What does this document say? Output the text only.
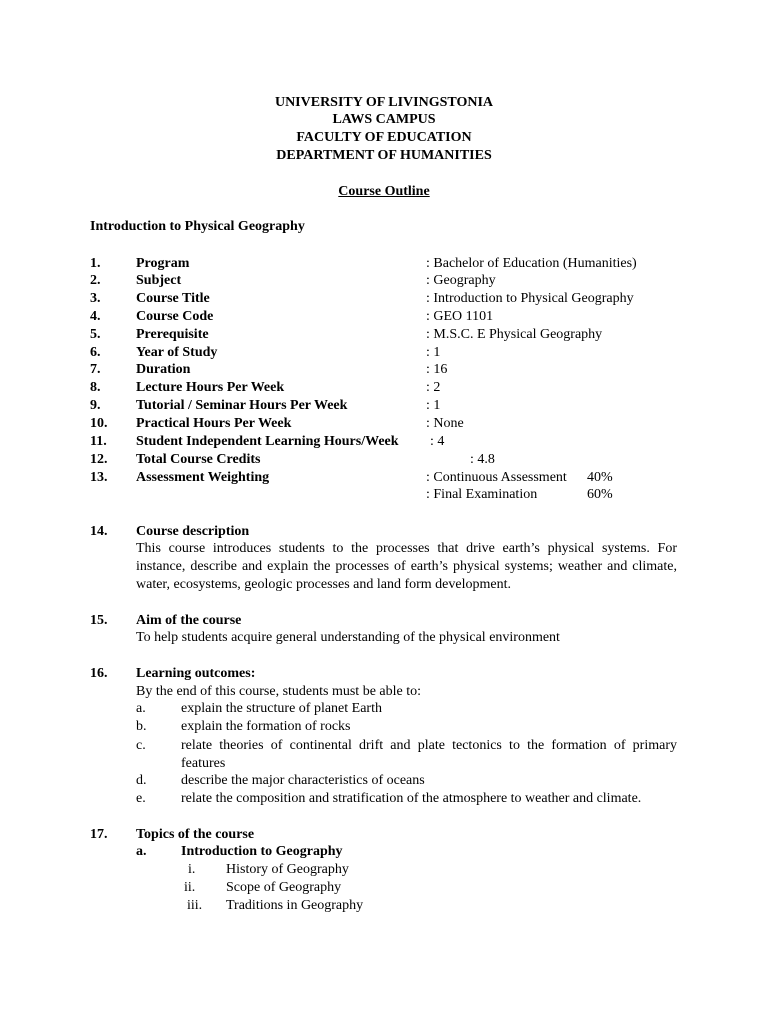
UNIVERSITY OF LIVINGSTONIA
LAWS CAMPUS
FACULTY OF EDUCATION
DEPARTMENT OF HUMANITIES
Course Outline
Introduction to Physical Geography
1.	Program	: Bachelor of Education (Humanities)
2.	Subject	: Geography
3.	Course Title	: Introduction to Physical Geography
4.	Course Code	: GEO 1101
5.	Prerequisite	: M.S.C. E Physical Geography
6.	Year of Study	: 1
7.	Duration	: 16
8.	Lecture Hours Per Week	: 2
9.	Tutorial / Seminar Hours Per Week	: 1
10. Practical Hours Per Week	: None
11. Student Independent Learning Hours/Week : 4
12. Total Course Credits	: 4.8
13. Assessment Weighting	: Continuous Assessment 40%
: Final Examination	60%
14. Course description
This course introduces students to the processes that drive earth’s physical systems. For instance, describe and explain the processes of earth’s physical systems; weather and climate, water, ecosystems, geologic processes and land form development.
15. Aim of the course
To help students acquire general understanding of the physical environment
16. Learning outcomes:
By the end of this course, students must be able to:
a.	explain the structure of planet Earth
b. explain the formation of rocks
c.	relate theories of continental drift and plate tectonics to the formation of primary features
d. describe the major characteristics of oceans
e.	relate the composition and stratification of the atmosphere to weather and climate.
17. Topics of the course
a. Introduction to Geography
i. History of Geography
ii. Scope of Geography
iii. Traditions in Geography
